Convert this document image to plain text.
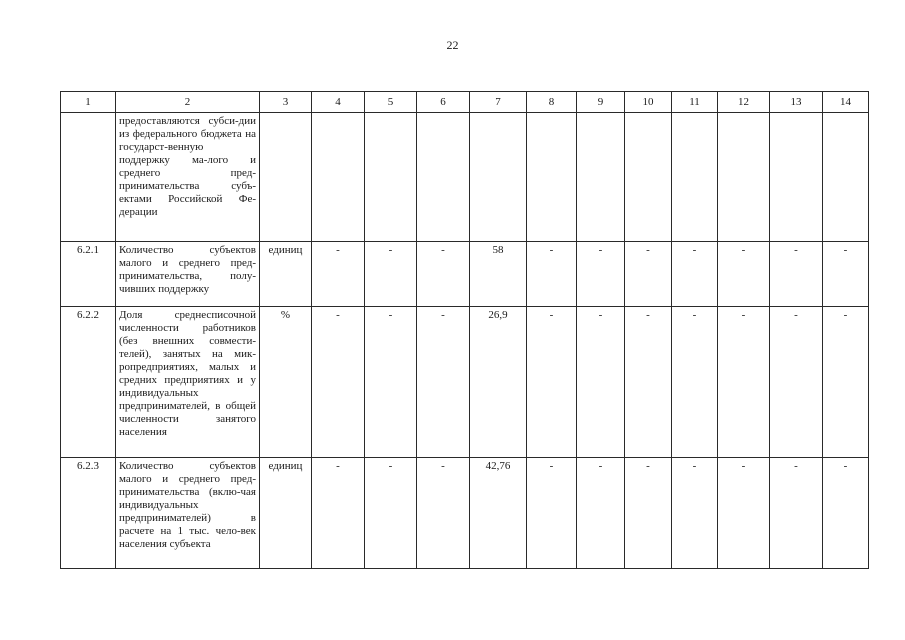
22
1	2	3	4	5	6	7	8	9	10	11	12	13	14
	предоставляются субси-дии из федерального бюджета на государст-венную поддержку ма-лого и среднего пред-принимательства субъ-ектами Российской Фе-дерации												
6.2.1	Количество субъектов малого и среднего пред-принимательства, полу-чивших поддержку	единиц	-	-	-	58	-	-	-	-	-	-	-
6.2.2	Доля среднесписочной численности работников (без внешних совмести-телей), занятых на мик-ропредприятиях, малых и средних предприятиях и у индивидуальных предпринимателей, в общей численности занятого населения	%	-	-	-	26,9	-	-	-	-	-	-	-
6.2.3	Количество субъектов малого и среднего пред-принимательства (вклю-чая индивидуальных предпринимателей) в расчете на 1 тыс. чело-век населения субъекта	единиц	-	-	-	42,76	-	-	-	-	-	-	-
